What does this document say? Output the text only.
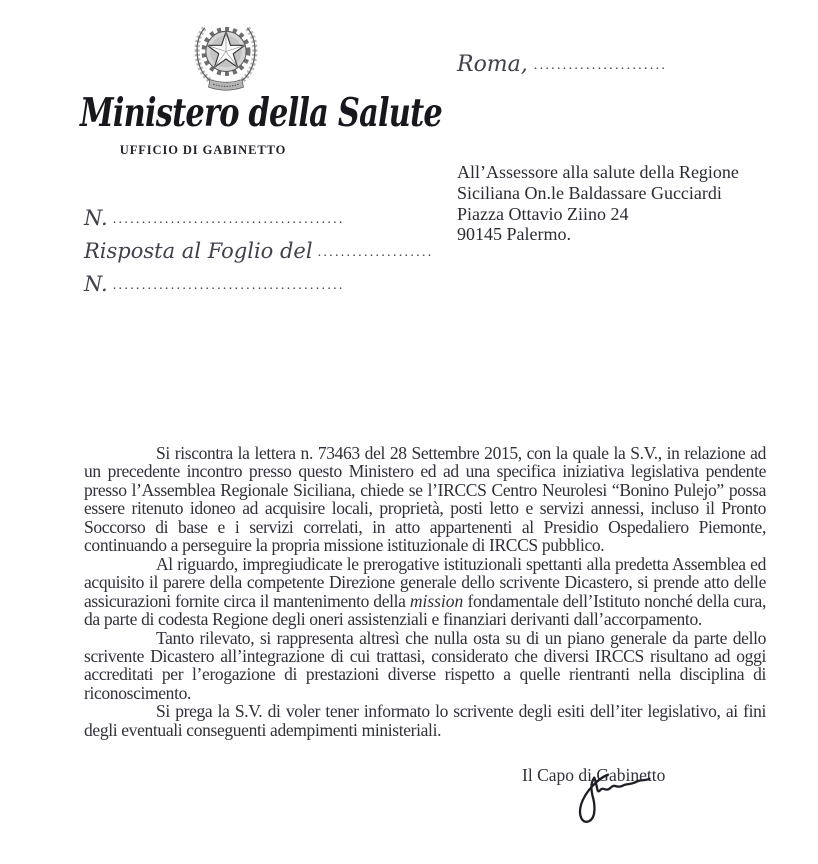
Ministero della Salute
UFFICIO DI GABINETTO
Roma, .......................
All’Assessore alla salute della Regione
Siciliana On.le Baldassare Gucciardi
Piazza Ottavio Ziino 24
90145 Palermo.
N. ........................................
Risposta al Foglio del ....................
N. ........................................

Si riscontra la lettera n. 73463 del 28 Settembre 2015, con la quale la S.V., in relazione ad un precedente incontro presso questo Ministero ed ad una specifica iniziativa legislativa pendente presso l’Assemblea Regionale Siciliana, chiede se l’IRCCS Centro Neurolesi “Bonino Pulejo” possa essere ritenuto idoneo ad acquisire locali, proprietà, posti letto e servizi annessi, incluso il Pronto Soccorso di base e i servizi correlati, in atto appartenenti al Presidio Ospedaliero Piemonte, continuando a perseguire la propria missione istituzionale di IRCCS pubblico.

Al riguardo, impregiudicate le prerogative istituzionali spettanti alla predetta Assemblea ed acquisito il parere della competente Direzione generale dello scrivente Dicastero, si prende atto delle assicurazioni fornite circa il mantenimento della mission fondamentale dell’Istituto nonché della cura, da parte di codesta Regione degli oneri assistenziali e finanziari derivanti dall’accorpamento.

Tanto rilevato, si rappresenta altresì che nulla osta su di un piano generale da parte dello scrivente Dicastero all’integrazione di cui trattasi, considerato che diversi IRCCS risultano ad oggi accreditati per l’erogazione di prestazioni diverse rispetto a quelle rientranti nella disciplina di riconoscimento.

Si prega la S.V. di voler tener informato lo scrivente degli esiti dell’iter legislativo, ai fini degli eventuali conseguenti adempimenti ministeriali.

Il Capo di Gabinetto
